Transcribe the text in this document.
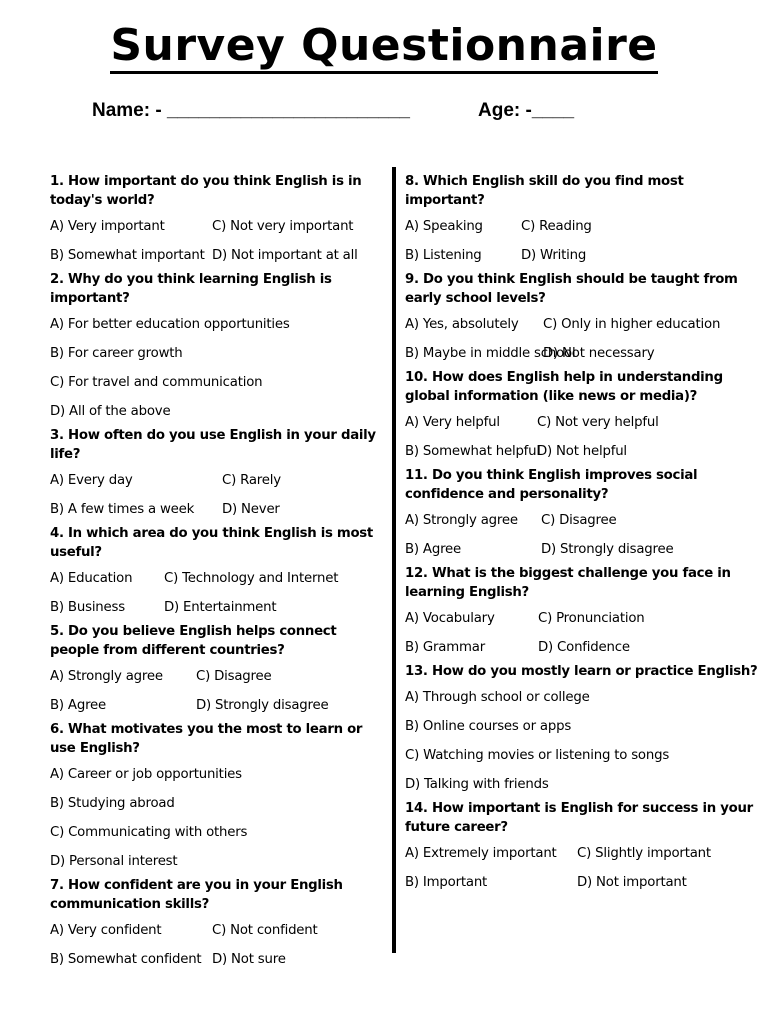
Survey Questionnaire
Name: - _______________________	Age: -____
1. How important do you think English is in today's world?
A) Very important	C) Not very important
B) Somewhat important D) Not important at all
2. Why do you think learning English is important?
A) For better education opportunities
B) For career growth
C) For travel and communication
D) All of the above
3. How often do you use English in your daily life?
A) Every day	C) Rarely
B) A few times a week D) Never
4. In which area do you think English is most useful?
A) Education C) Technology and Internet
B) Business	D) Entertainment
5. Do you believe English helps connect people from different countries?
A) Strongly agree C) Disagree
B) Agree	D) Strongly disagree
6. What motivates you the most to learn or use English?
A) Career or job opportunities
B) Studying abroad
C) Communicating with others
D) Personal interest
7. How confident are you in your English communication skills?
A) Very confident	C) Not confident
B) Somewhat confident D) Not sure
8. Which English skill do you find most important?
A) Speaking	C) Reading
B) Listening	D) Writing
9. Do you think English should be taught from early school levels?
A) Yes, absolutely C) Only in higher education
B) Maybe in middle school
D) Not necessary
10. How does English help in understanding global information (like news or media)?
A) Very helpful	C) Not very helpful
B) Somewhat helpful
D) Not helpful
11. Do you think English improves social confidence and personality?
A) Strongly agree C) Disagree
B) Agree	D) Strongly disagree
12. What is the biggest challenge you face in learning English?
A) Vocabulary	C) Pronunciation
B) Grammar	D) Confidence
13. How do you mostly learn or practice English?
A) Through school or college
B) Online courses or apps
C) Watching movies or listening to songs
D) Talking with friends
14. How important is English for success in your future career?
A) Extremely important C) Slightly important
B) Important	D) Not important
